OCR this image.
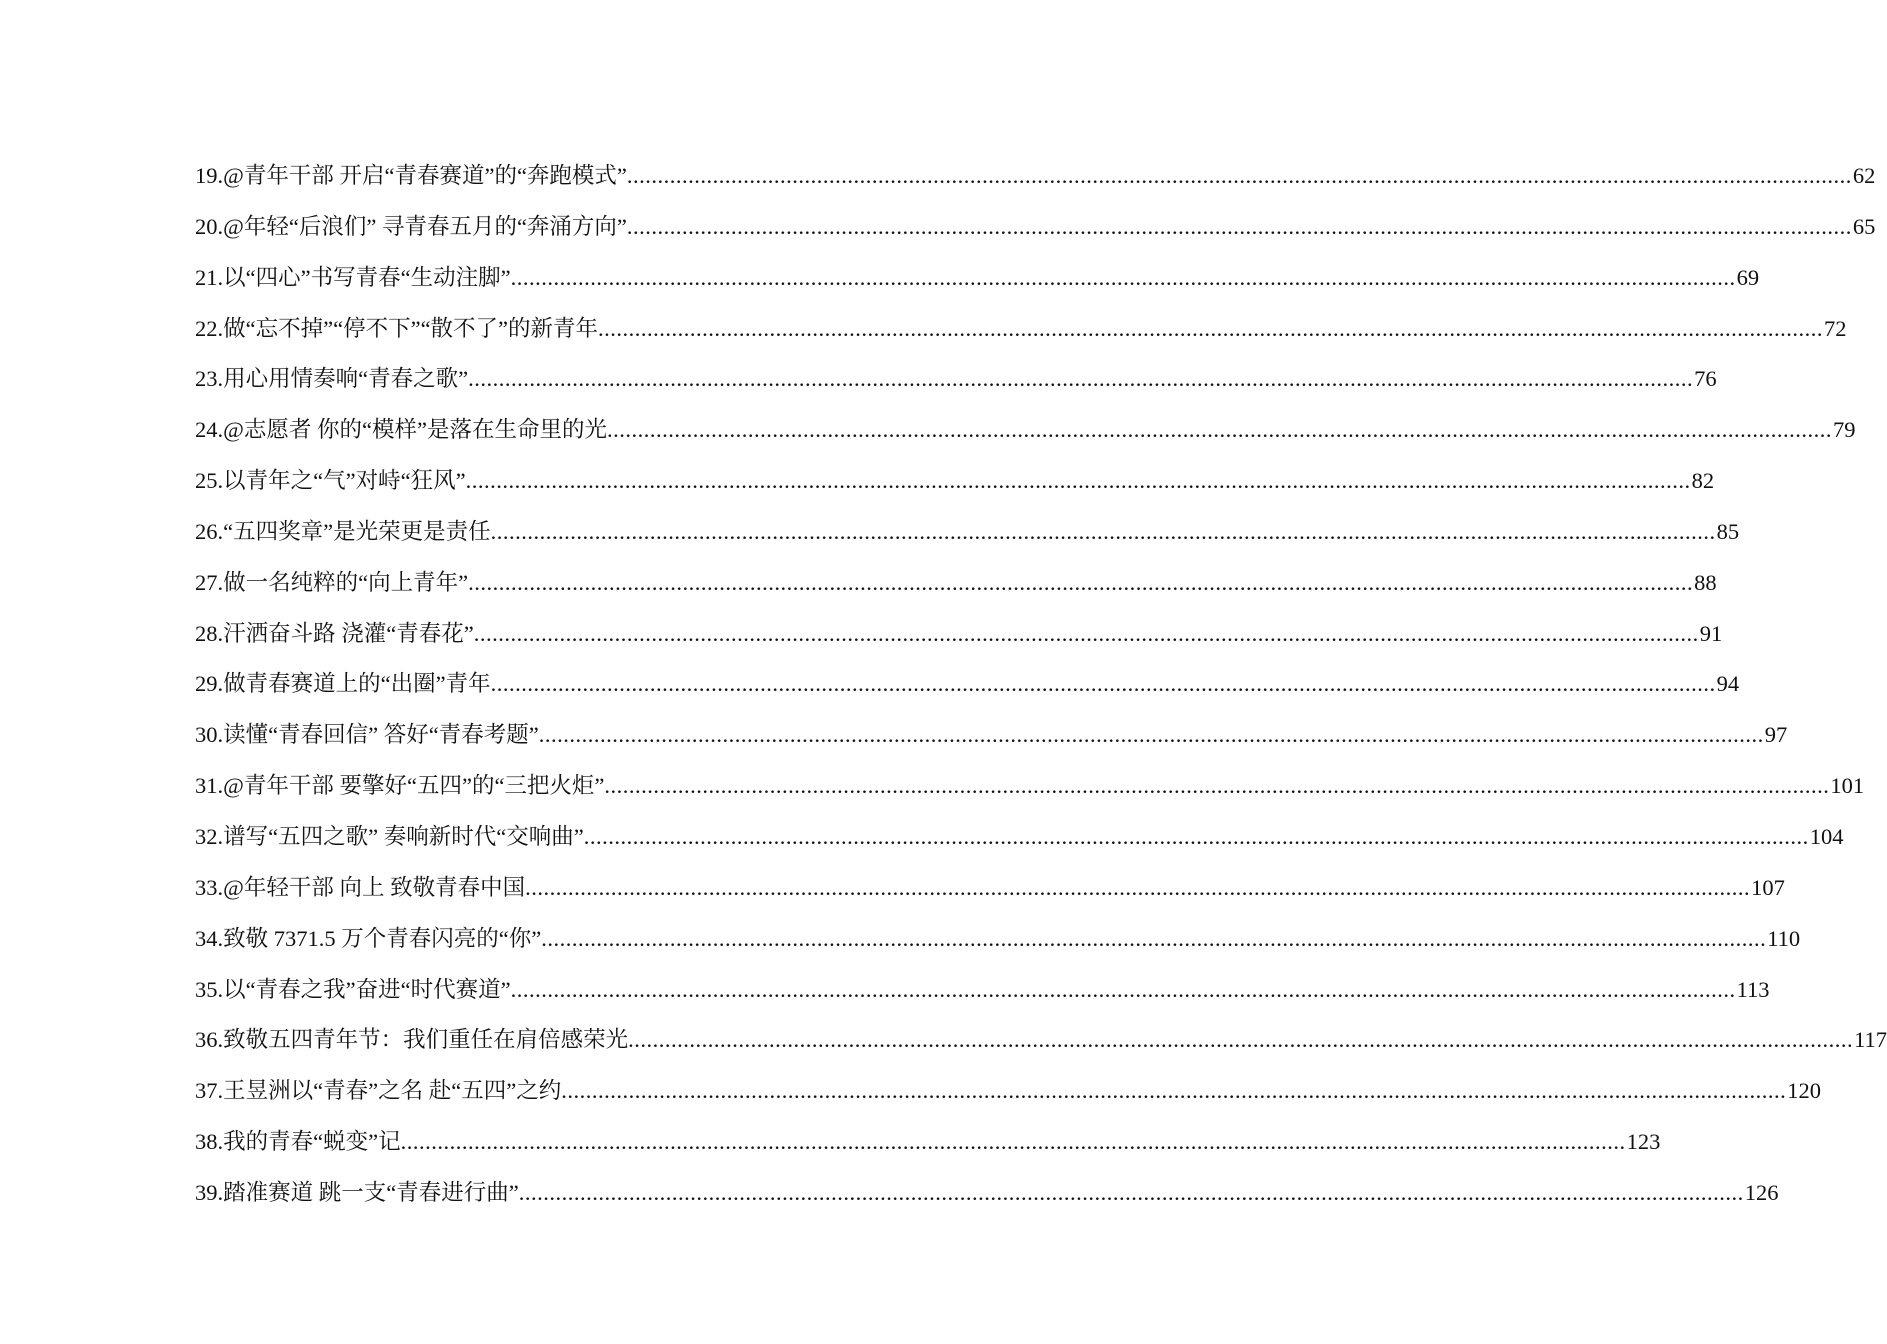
19. @青年干部 开启“青春赛道”的“奔跑模式” ........................................................................................................................................................................................................ 62
20. @年轻“后浪们” 寻青春五月的“奔涌方向” ........................................................................................................................................................................................................ 65
21. 以“四心”书写青春“生动注脚” ........................................................................................................................................................................................................ 69
22. 做“忘不掉”“停不下”“散不了”的新青年 ........................................................................................................................................................................................................ 72
23. 用心用情奏响“青春之歌” ........................................................................................................................................................................................................ 76
24. @志愿者 你的“模样”是落在生命里的光 ........................................................................................................................................................................................................ 79
25. 以青年之“气”对峙“狂风” ........................................................................................................................................................................................................ 82
26. “五四奖章”是光荣更是责任 ........................................................................................................................................................................................................ 85
27. 做一名纯粹的“向上青年” ........................................................................................................................................................................................................ 88
28. 汗洒奋斗路 浇灌“青春花” ........................................................................................................................................................................................................ 91
29. 做青春赛道上的“出圈”青年 ........................................................................................................................................................................................................ 94
30. 读懂“青春回信” 答好“青春考题” ........................................................................................................................................................................................................ 97
31. @青年干部 要擎好“五四”的“三把火炬” ........................................................................................................................................................................................................ 101
32. 谱写“五四之歌” 奏响新时代“交响曲” ........................................................................................................................................................................................................ 104
33. @年轻干部 向上 致敬青春中国 ........................................................................................................................................................................................................ 107
34. 致敬 7371.5 万个青春闪亮的“你” ........................................................................................................................................................................................................ 110
35. 以“青春之我”奋进“时代赛道” ........................................................................................................................................................................................................ 113
36. 致敬五四青年节：我们重任在肩倍感荣光 ........................................................................................................................................................................................................ 117
37. 王昱洲以“青春”之名 赴“五四”之约 ........................................................................................................................................................................................................ 120
38. 我的青春“蜕变”记 ........................................................................................................................................................................................................ 123
39. 踏准赛道 跳一支“青春进行曲” ........................................................................................................................................................................................................ 126
